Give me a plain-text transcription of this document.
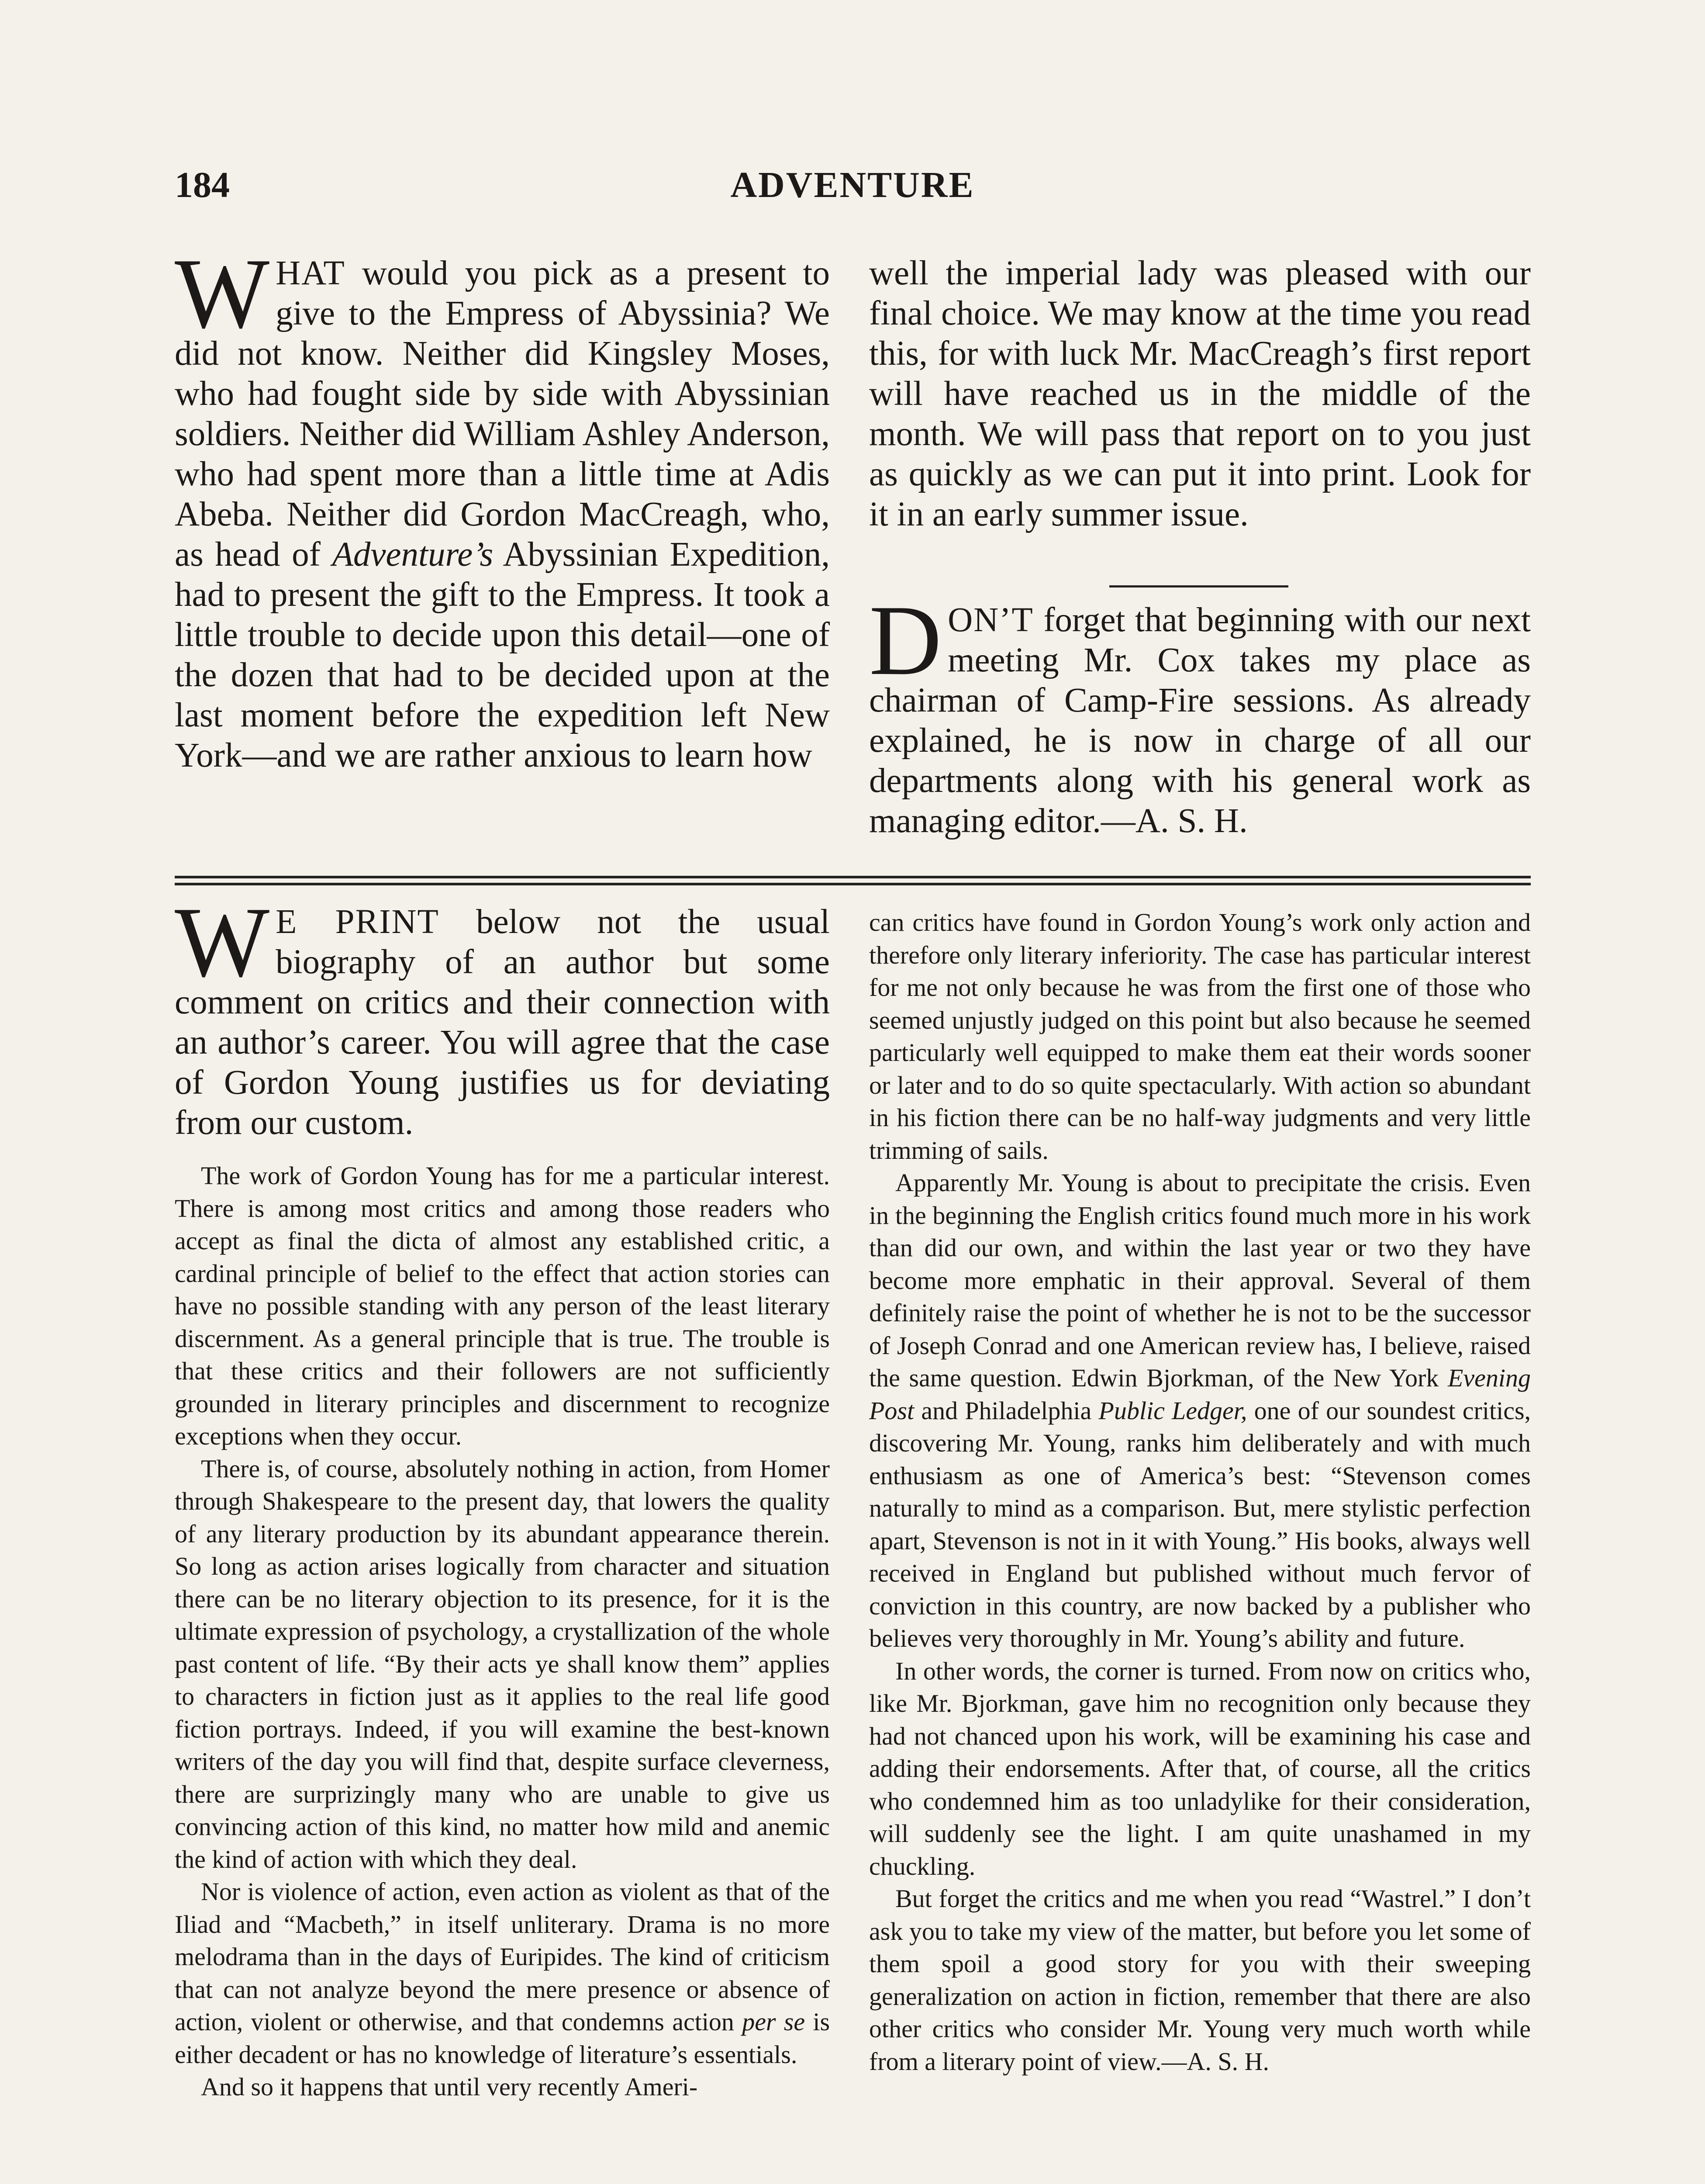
184	ADVENTURE
WHAT would you pick as a present to give to the Empress of Abyssinia? We did not know. Neither did Kingsley Moses, who had fought side by side with Abyssinian soldiers. Neither did William Ashley Anderson, who had spent more than a little time at Adis Abeba. Neither did Gordon MacCreagh, who, as head of Adventure’s Abyssinian Expedition, had to present the gift to the Empress. It took a little trouble to decide upon this detail—one of the dozen that had to be decided upon at the last moment before the expedition left New York—and we are rather anxious to learn how
well the imperial lady was pleased with our final choice. We may know at the time you read this, for with luck Mr. MacCreagh’s first report will have reached us in the middle of the month. We will pass that report on to you just as quickly as we can put it into print. Look for it in an early summer issue.
DON’T forget that beginning with our next meeting Mr. Cox takes my place as chairman of Camp-Fire sessions. As already explained, he is now in charge of all our departments along with his general work as managing editor.—A. S. H.
W E PRINT below not the usual biography of an author but some comment on critics and their connection with an author’s career. You will agree that the case of Gordon Young justifies us for deviating from our custom.

The work of Gordon Young has for me a particular interest. There is among most critics and among those readers who accept as final the dicta of almost any established critic, a cardinal principle of belief to the effect that action stories can have no possible standing with any person of the least literary discernment. As a general principle that is true. The trouble is that these critics and their followers are not sufficiently grounded in literary principles and discernment to recognize exceptions when they occur.

There is, of course, absolutely nothing in action, from Homer through Shakespeare to the present day, that lowers the quality of any literary production by its abundant appearance therein. So long as action arises logically from character and situation there can be no literary objection to its presence, for it is the ultimate expression of psychology, a crystallization of the whole past content of life. “By their acts ye shall know them” applies to characters in fiction just as it applies to the real life good fiction portrays. Indeed, if you will examine the best-known writers of the day you will find that, despite surface cleverness, there are surprizingly many who are unable to give us convincing action of this kind, no matter how mild and anemic the kind of action with which they deal.

Nor is violence of action, even action as violent as that of the Iliad and “Macbeth,” in itself unliterary. Drama is no more melodrama than in the days of Euripides. The kind of criticism that can not analyze beyond the mere presence or absence of action, violent or otherwise, and that condemns action per se is either decadent or has no knowledge of literature’s essentials.

And so it happens that until very recently Ameri-

can critics have found in Gordon Young’s work only action and therefore only literary inferiority. The case has particular interest for me not only because he was from the first one of those who seemed unjustly judged on this point but also because he seemed particularly well equipped to make them eat their words sooner or later and to do so quite spectacularly. With action so abundant in his fiction there can be no half-way judgments and very little trimming of sails.

Apparently Mr. Young is about to precipitate the crisis. Even in the beginning the English critics found much more in his work than did our own, and within the last year or two they have become more emphatic in their approval. Several of them definitely raise the point of whether he is not to be the successor of Joseph Conrad and one American review has, I believe, raised the same question. Edwin Bjorkman, of the New York Evening Post and Philadelphia Public Ledger, one of our soundest critics, discovering Mr. Young, ranks him deliberately and with much enthusiasm as one of America’s best: “Stevenson comes naturally to mind as a comparison. But, mere stylistic perfection apart, Stevenson is not in it with Young.” His books, always well received in England but published without much fervor of conviction in this country, are now backed by a publisher who believes very thoroughly in Mr. Young’s ability and future.

In other words, the corner is turned. From now on critics who, like Mr. Bjorkman, gave him no recognition only because they had not chanced upon his work, will be examining his case and adding their endorsements. After that, of course, all the critics who condemned him as too unladylike for their consideration, will suddenly see the light. I am quite unashamed in my chuckling.

But forget the critics and me when you read “Wastrel.” I don’t ask you to take my view of the matter, but before you let some of them spoil a good story for you with their sweeping generalization on action in fiction, remember that there are also other critics who consider Mr. Young very much worth while from a literary point of view.—A. S. H.
